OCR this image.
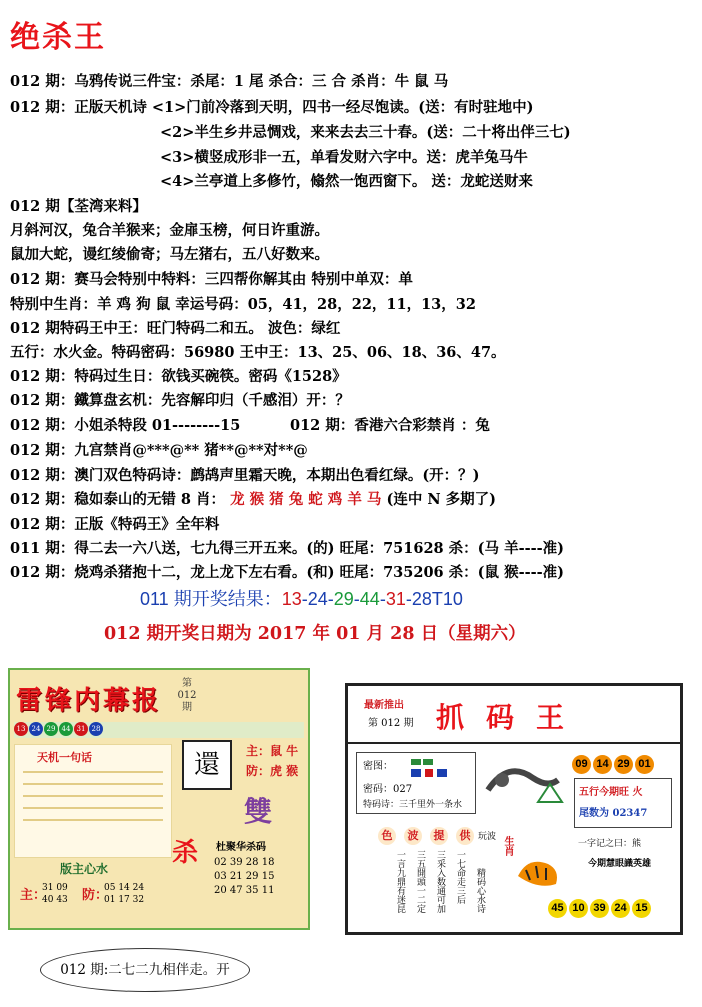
绝杀王
012 期：乌鸦传说三件宝：杀尾：1 尾 杀合：三 合 杀肖：牛 鼠 马
012 期：正版天机诗 <1>门前冷落到天明，四书一经尽饱读。(送：有时驻地中)
<2>半生乡井忌惆戏，来来去去三十春。(送：二十将出伴三七)
<3>横竖成形非一五，单看发财六字中。送：虎羊兔马牛
<4>兰亭道上多修竹，翛然一饱西窗下。 送：龙蛇送财来
012 期【荃湾来料】
月斜河汉，兔合羊猴来；金扉玉榜，何日许重游。
鼠加大蛇，谩红绫偷寄；马左猪右，五八好数来。
012 期：赛马会特别中特料：三四帮你解其由 特别中单双：单
特别中生肖：羊 鸡 狗 鼠 幸运号码：05，41，28，22，11，13，32
012 期特码王中王：旺门特码二和五。 波色：绿红
五行：水火金。特码密码：56980 王中王：13、25、06、18、36、47。
012 期：特码过生日：欲钱买碗筷。密码《1528》
012 期：鐵算盘玄机：先容解印归（千感泪）开：？
012 期：小姐杀特段 01--------15	012 期：香港六合彩禁肖 ：兔
012 期：九宫禁肖@***@** 猪**@**对**@
012 期：澳门双色特码诗：鹧鸪声里霜天晚，本期出色看红绿。(开：？)
012 期：稳如泰山的无错 8 肖： 龙 猴 猪 兔 蛇 鸡 羊 马 (连中 N 多期了)
012 期：正版《特码王》全年料
011 期：得二去一六八送，七九得三开五来。(的) 旺尾：751628 杀：(马 羊----准)
012 期：烧鸡杀猪抱十二，龙上龙下左右看。(和) 旺尾：735206 杀：(鼠 猴----准)
011 期开奖结果：13-24-29-44-31-28T10
012 期开奖日期为 2017 年 01 月 28 日（星期六）
雷锋内幕报
第012期
13 24 29 44 31 28
天机一句话	還	主：鼠 牛
防：虎 猴
雙
杀 杜聚华杀码
02 39 28 18
03 21 29 15
20 47 35 11
版主心水
主：
31 09 40 43	防：
05 14 24 01 17 32
最新推出
第 012 期 抓码王
密图：
密码：027
特码诗：三千里外一条水
09 14 29 01
五行今期旺 火
尾数为 02347
色 波 提 供 玩波
一七命走三后
三采入数通可加
三五開頭一二定
一言九鼎有迷昆	精码心水诗
生肖	一字记之曰：熊
今期慧眼識英雄
45 10 39 24 15
012 期:二七二九相伴走。开
